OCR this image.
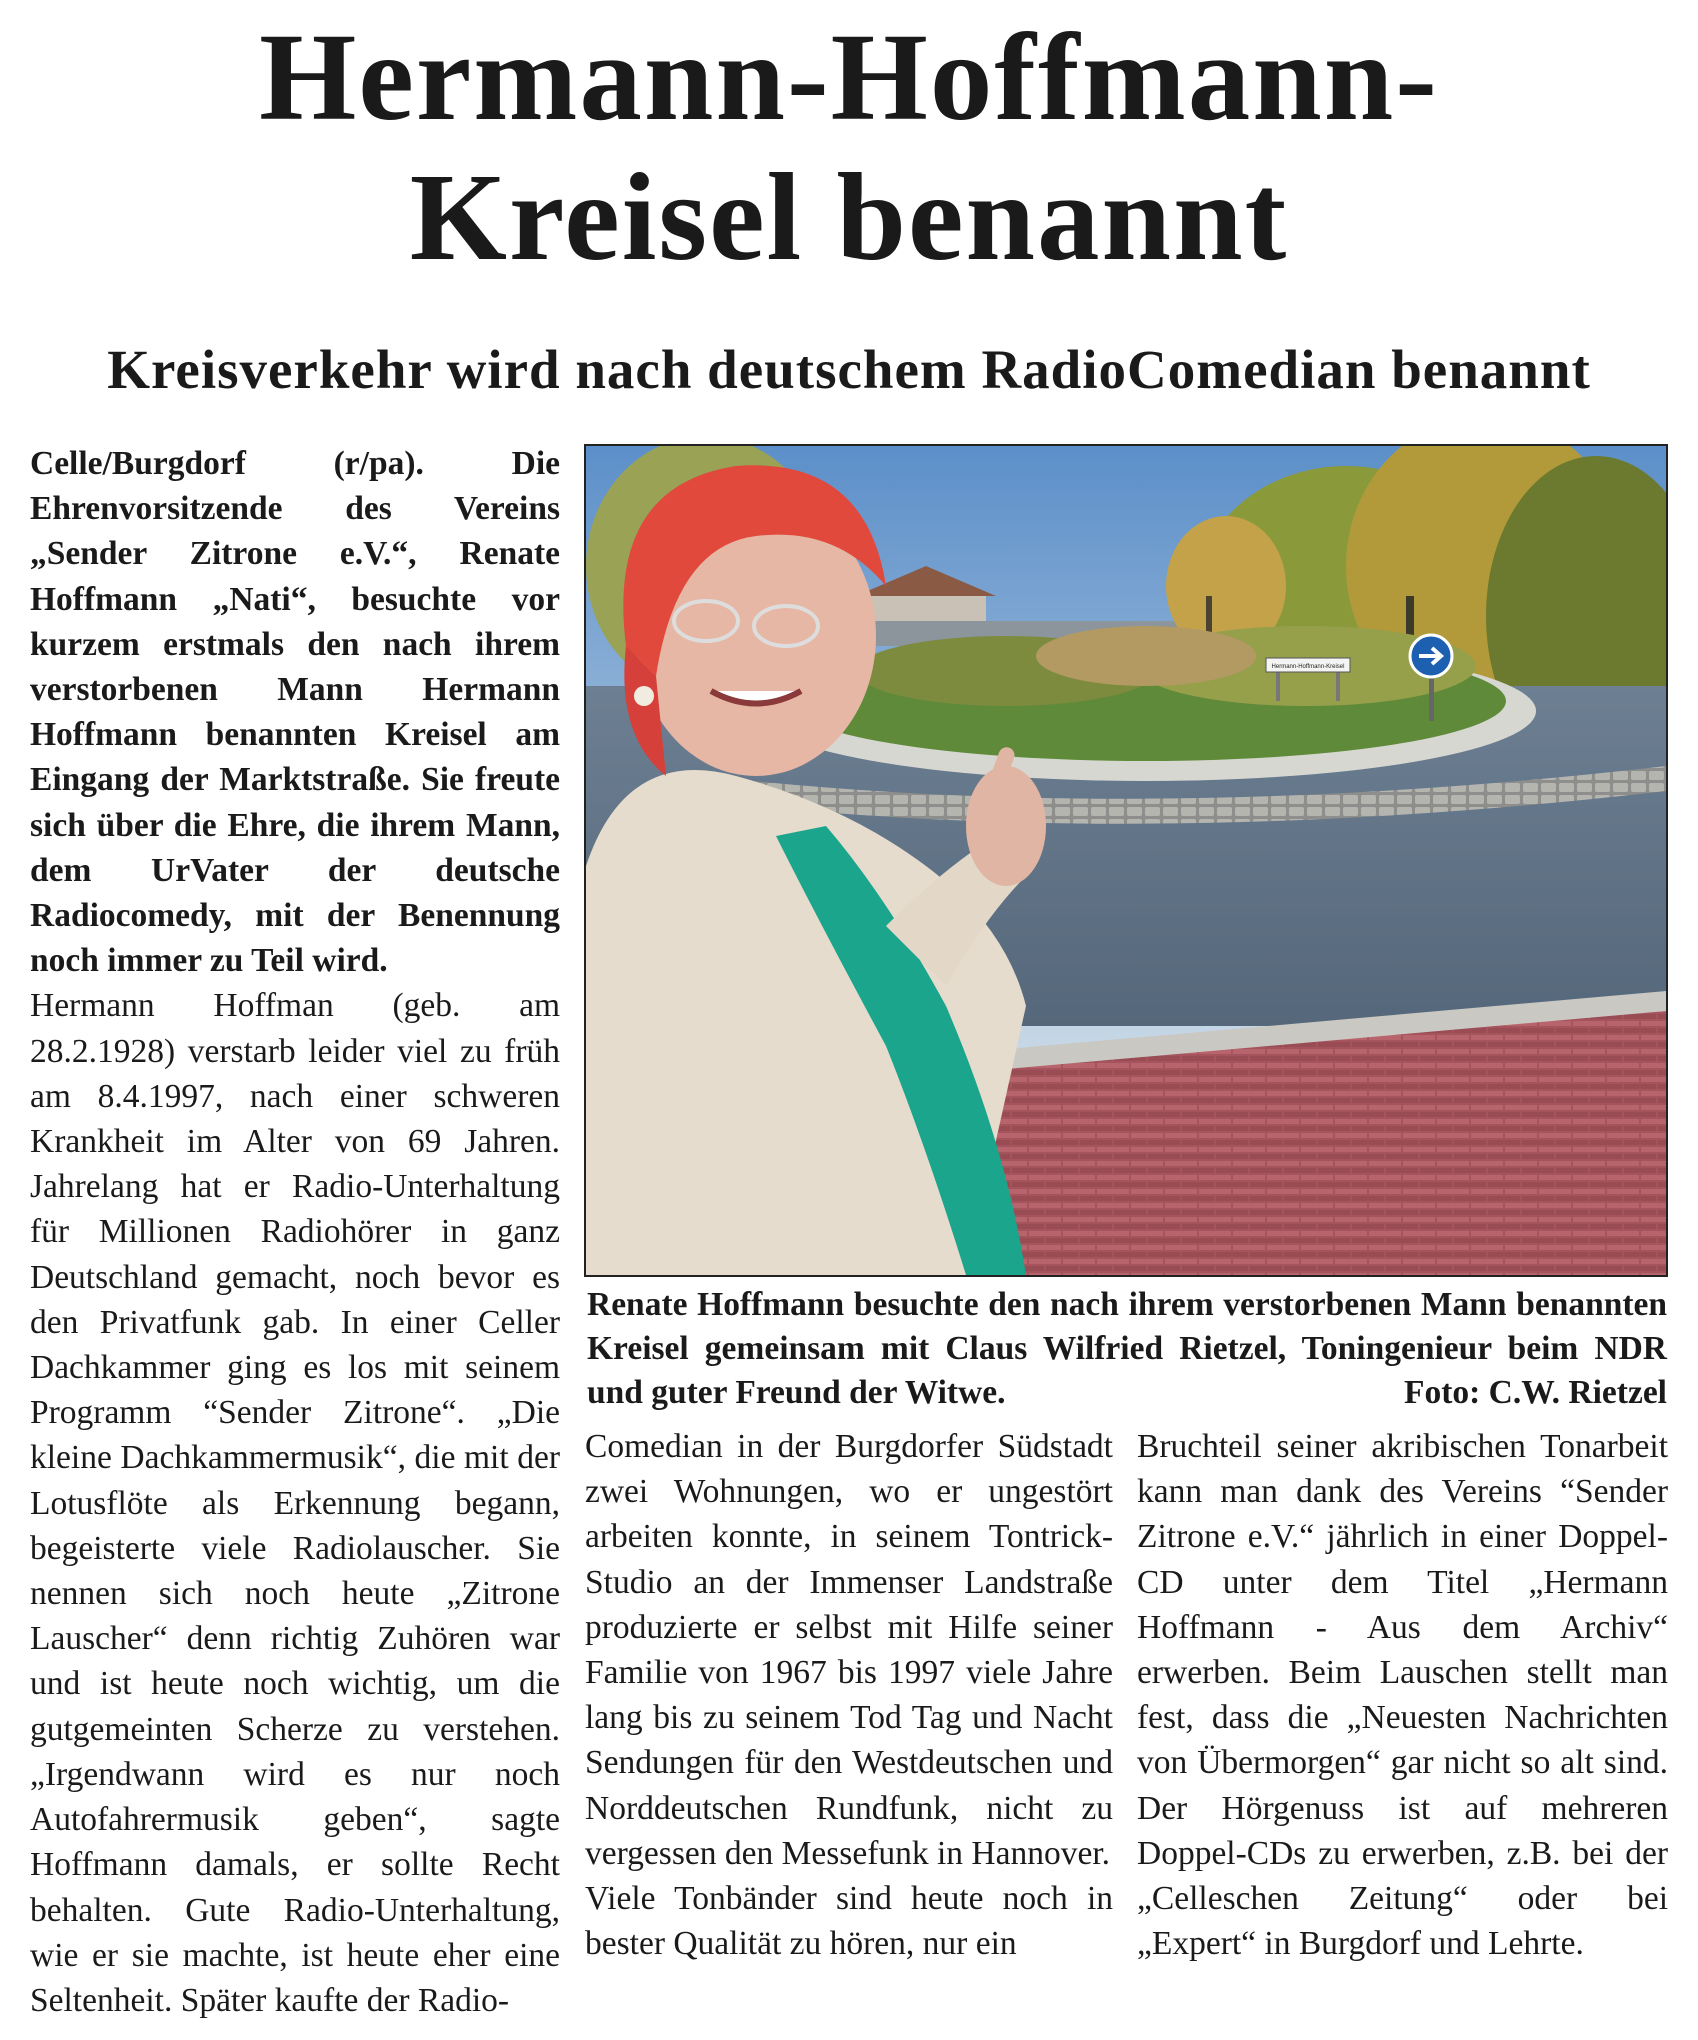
Hermann-Hoffmann-
Kreisel benannt
Kreisverkehr wird nach deutschem RadioComedian benannt

Celle/Burgdorf (r/pa). Die Ehrenvorsitzende des Vereins „Sender Zitrone e.V.“, Renate Hoffmann „Nati“, besuchte vor kurzem erstmals den nach ihrem verstorbenen Mann Hermann Hoffmann benannten Kreisel am Eingang der Marktstraße. Sie freute sich über die Ehre, die ihrem Mann, dem UrVater der deutsche Radiocomedy, mit der Benennung noch immer zu Teil wird.

Hermann Hoffman (geb. am 28.2.1928) verstarb leider viel zu früh am 8.4.1997, nach einer schweren Krankheit im Alter von 69 Jahren. Jahrelang hat er Radio-Unterhaltung für Millionen Radiohörer in ganz Deutschland gemacht, noch bevor es den Privatfunk gab. In einer Celler Dachkammer ging es los mit seinem Programm “Sender Zitrone“. „Die kleine Dachkammermusik“, die mit der Lotusflöte als Erkennung begann, begeisterte viele Radiolauscher. Sie nennen sich noch heute „Zitrone Lauscher“ denn richtig Zuhören war und ist heute noch wichtig, um die gutgemeinten Scherze zu verstehen. „Irgendwann wird es nur noch Autofahrermusik geben“, sagte Hoffmann damals, er sollte Recht behalten. Gute Radio-Unterhaltung, wie er sie machte, ist heute eher eine Seltenheit. Später kaufte der Radio-

Hermann-Hoffmann-Kreisel
Renate Hoffmann besuchte den nach ihrem verstorbenen Mann benannten Kreisel gemeinsam mit Claus Wilfried Rietzel, Toningenieur beim NDR und guter Freund der Witwe.	Foto: C.W. Rietzel

Comedian in der Burgdorfer Südstadt zwei Wohnungen, wo er ungestört arbeiten konnte, in seinem Tontrick-Studio an der Immenser Landstraße produzierte er selbst mit Hilfe seiner Familie von 1967 bis 1997 viele Jahre lang bis zu seinem Tod Tag und Nacht Sendungen für den Westdeutschen und Norddeutschen Rundfunk, nicht zu vergessen den Messefunk in Hannover.

Viele Tonbänder sind heute noch in bester Qualität zu hören, nur ein

Bruchteil seiner akribischen Tonarbeit kann man dank des Vereins “Sender Zitrone e.V.“ jährlich in einer Doppel-CD unter dem Titel „Hermann Hoffmann - Aus dem Archiv“ erwerben. Beim Lauschen stellt man fest, dass die „Neuesten Nachrichten von Übermorgen“ gar nicht so alt sind. Der Hörgenuss ist auf mehreren Doppel-CDs zu erwerben, z.B. bei der „Celleschen Zeitung“ oder bei „Expert“ in Burgdorf und Lehrte.
